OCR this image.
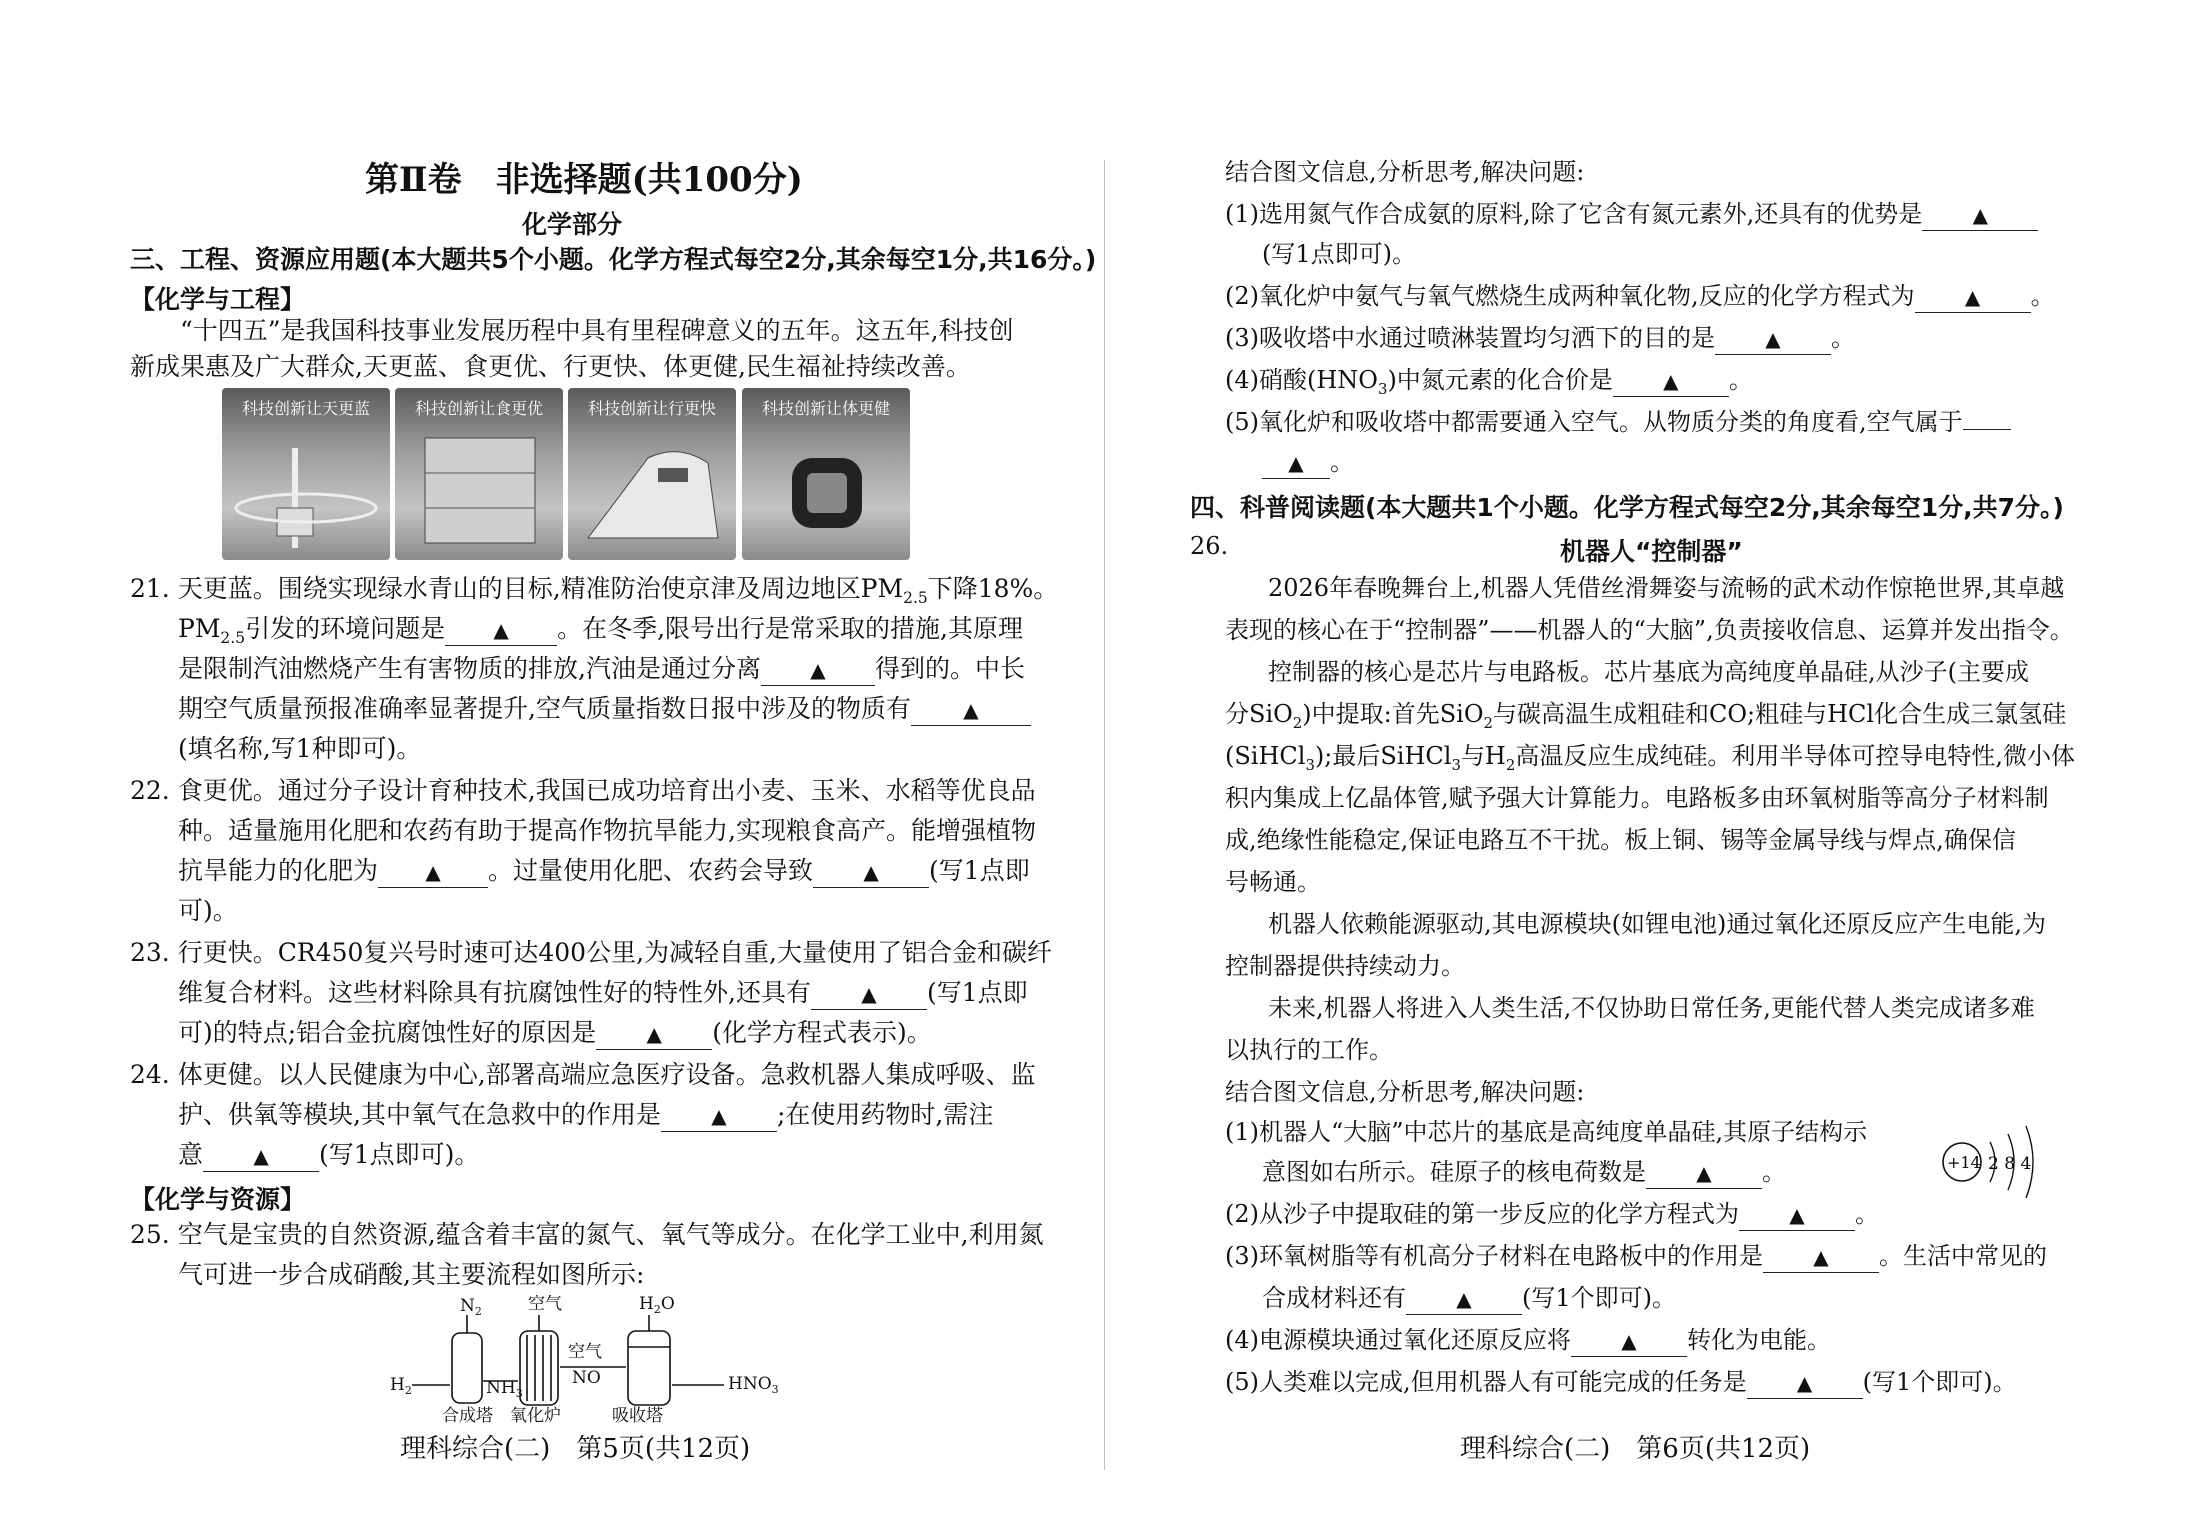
第Ⅱ卷　非选择题(共100分)
化学部分
三、工程、资源应用题(本大题共5个小题。化学方程式每空2分,其余每空1分,共16分。)
【化学与工程】
“十四五”是我国科技事业发展历程中具有里程碑意义的五年。这五年,科技创
新成果惠及广大群众,天更蓝、食更优、行更快、体更健,民生福祉持续改善。
科技创新让天更蓝	科技创新让食更优	科技创新让行更快	科技创新让体更健
21. 天更蓝。围绕实现绿水青山的目标,精准防治使京津及周边地区$PM_{2.5}$下降18%。
$PM_{2.5}$引发的环境问题是 ▲ 。在冬季,限号出行是常采取的措施,其原理
是限制汽油燃烧产生有害物质的排放,汽油是通过分离 ▲ 得到的。中长
期空气质量预报准确率显著提升,空气质量指数日报中涉及的物质有	▲
(填名称,写1种即可)。
22. 食更优。通过分子设计育种技术,我国已成功培育出小麦、玉米、水稻等优良品
种。适量施用化肥和农药有助于提高作物抗旱能力,实现粮食高产。能增强植物
抗旱能力的化肥为 ▲ 。过量使用化肥、农药会导致	▲ (写1点即
可)。
23. 行更快。CR450复兴号时速可达400公里,为减轻自重,大量使用了铝合金和碳纤
维复合材料。这些材料除具有抗腐蚀性好的特性外,还具有	▲ (写1点即
可)的特点;铝合金抗腐蚀性好的原因是	▲ (化学方程式表示)。
24. 体更健。以人民健康为中心,部署高端应急医疗设备。急救机器人集成呼吸、监
护、供氧等模块,其中氧气在急救中的作用是	▲ ;在使用药物时,需注
意	▲ (写1点即可)。
【化学与资源】
25. 空气是宝贵的自然资源,蕴含着丰富的氮气、氧气等成分。在化学工业中,利用氮
气可进一步合成硝酸,其主要流程如图所示:
$N_2$	空气	$H_2O$
$H_2$	$NH_3$
空气
NO	$HNO_3$
合成塔 氧化炉	吸收塔
理科综合(二)　第5页(共12页)
结合图文信息,分析思考,解决问题:
(1)选用氮气作合成氨的原料,除了它含有氮元素外,还具有的优势是	▲
(写1点即可)。
(2)氧化炉中氨气与氧气燃烧生成两种氧化物,反应的化学方程式为	▲ 。
(3)吸收塔中水通过喷淋装置均匀洒下的目的是	▲ 。
(4)硝酸$(HNO_3)$中氮元素的化合价是	▲ 。
(5)氧化炉和吸收塔中都需要通入空气。从物质分类的角度看,空气属于
▲ 。
四、科普阅读题(本大题共1个小题。化学方程式每空2分,其余每空1分,共7分。)
26.	机器人“控制器”
2026年春晚舞台上,机器人凭借丝滑舞姿与流畅的武术动作惊艳世界,其卓越
表现的核心在于“控制器”——机器人的“大脑”,负责接收信息、运算并发出指令。
控制器的核心是芯片与电路板。芯片基底为高纯度单晶硅,从沙子(主要成
分SiO$_2$)中提取:首先SiO$_2$与碳高温生成粗硅和CO;粗硅与HCl化合生成三氯氢硅
(SiHCl$_3$);最后SiHCl$_3$与$H_2$高温反应生成纯硅。利用半导体可控导电特性,微小体
积内集成上亿晶体管,赋予强大计算能力。电路板多由环氧树脂等高分子材料制
成,绝缘性能稳定,保证电路互不干扰。板上铜、锡等金属导线与焊点,确保信
号畅通。
机器人依赖能源驱动,其电源模块(如锂电池)通过氧化还原反应产生电能,为
控制器提供持续动力。
未来,机器人将进入人类生活,不仅协助日常任务,更能代替人类完成诸多难
以执行的工作。
结合图文信息,分析思考,解决问题:
(1)机器人“大脑”中芯片的基底是高纯度单晶硅,其原子结构示
意图如右所示。硅原子的核电荷数是	▲ 。	+14 2 8 4
(2)从沙子中提取硅的第一步反应的化学方程式为	▲ 。
(3)环氧树脂等有机高分子材料在电路板中的作用是	▲ 。生活中常见的
合成材料还有	▲ (写1个即可)。
(4)电源模块通过氧化还原反应将	▲ 转化为电能。
(5)人类难以完成,但用机器人有可能完成的任务是	▲ (写1个即可)。
理科综合(二)　第6页(共12页)
